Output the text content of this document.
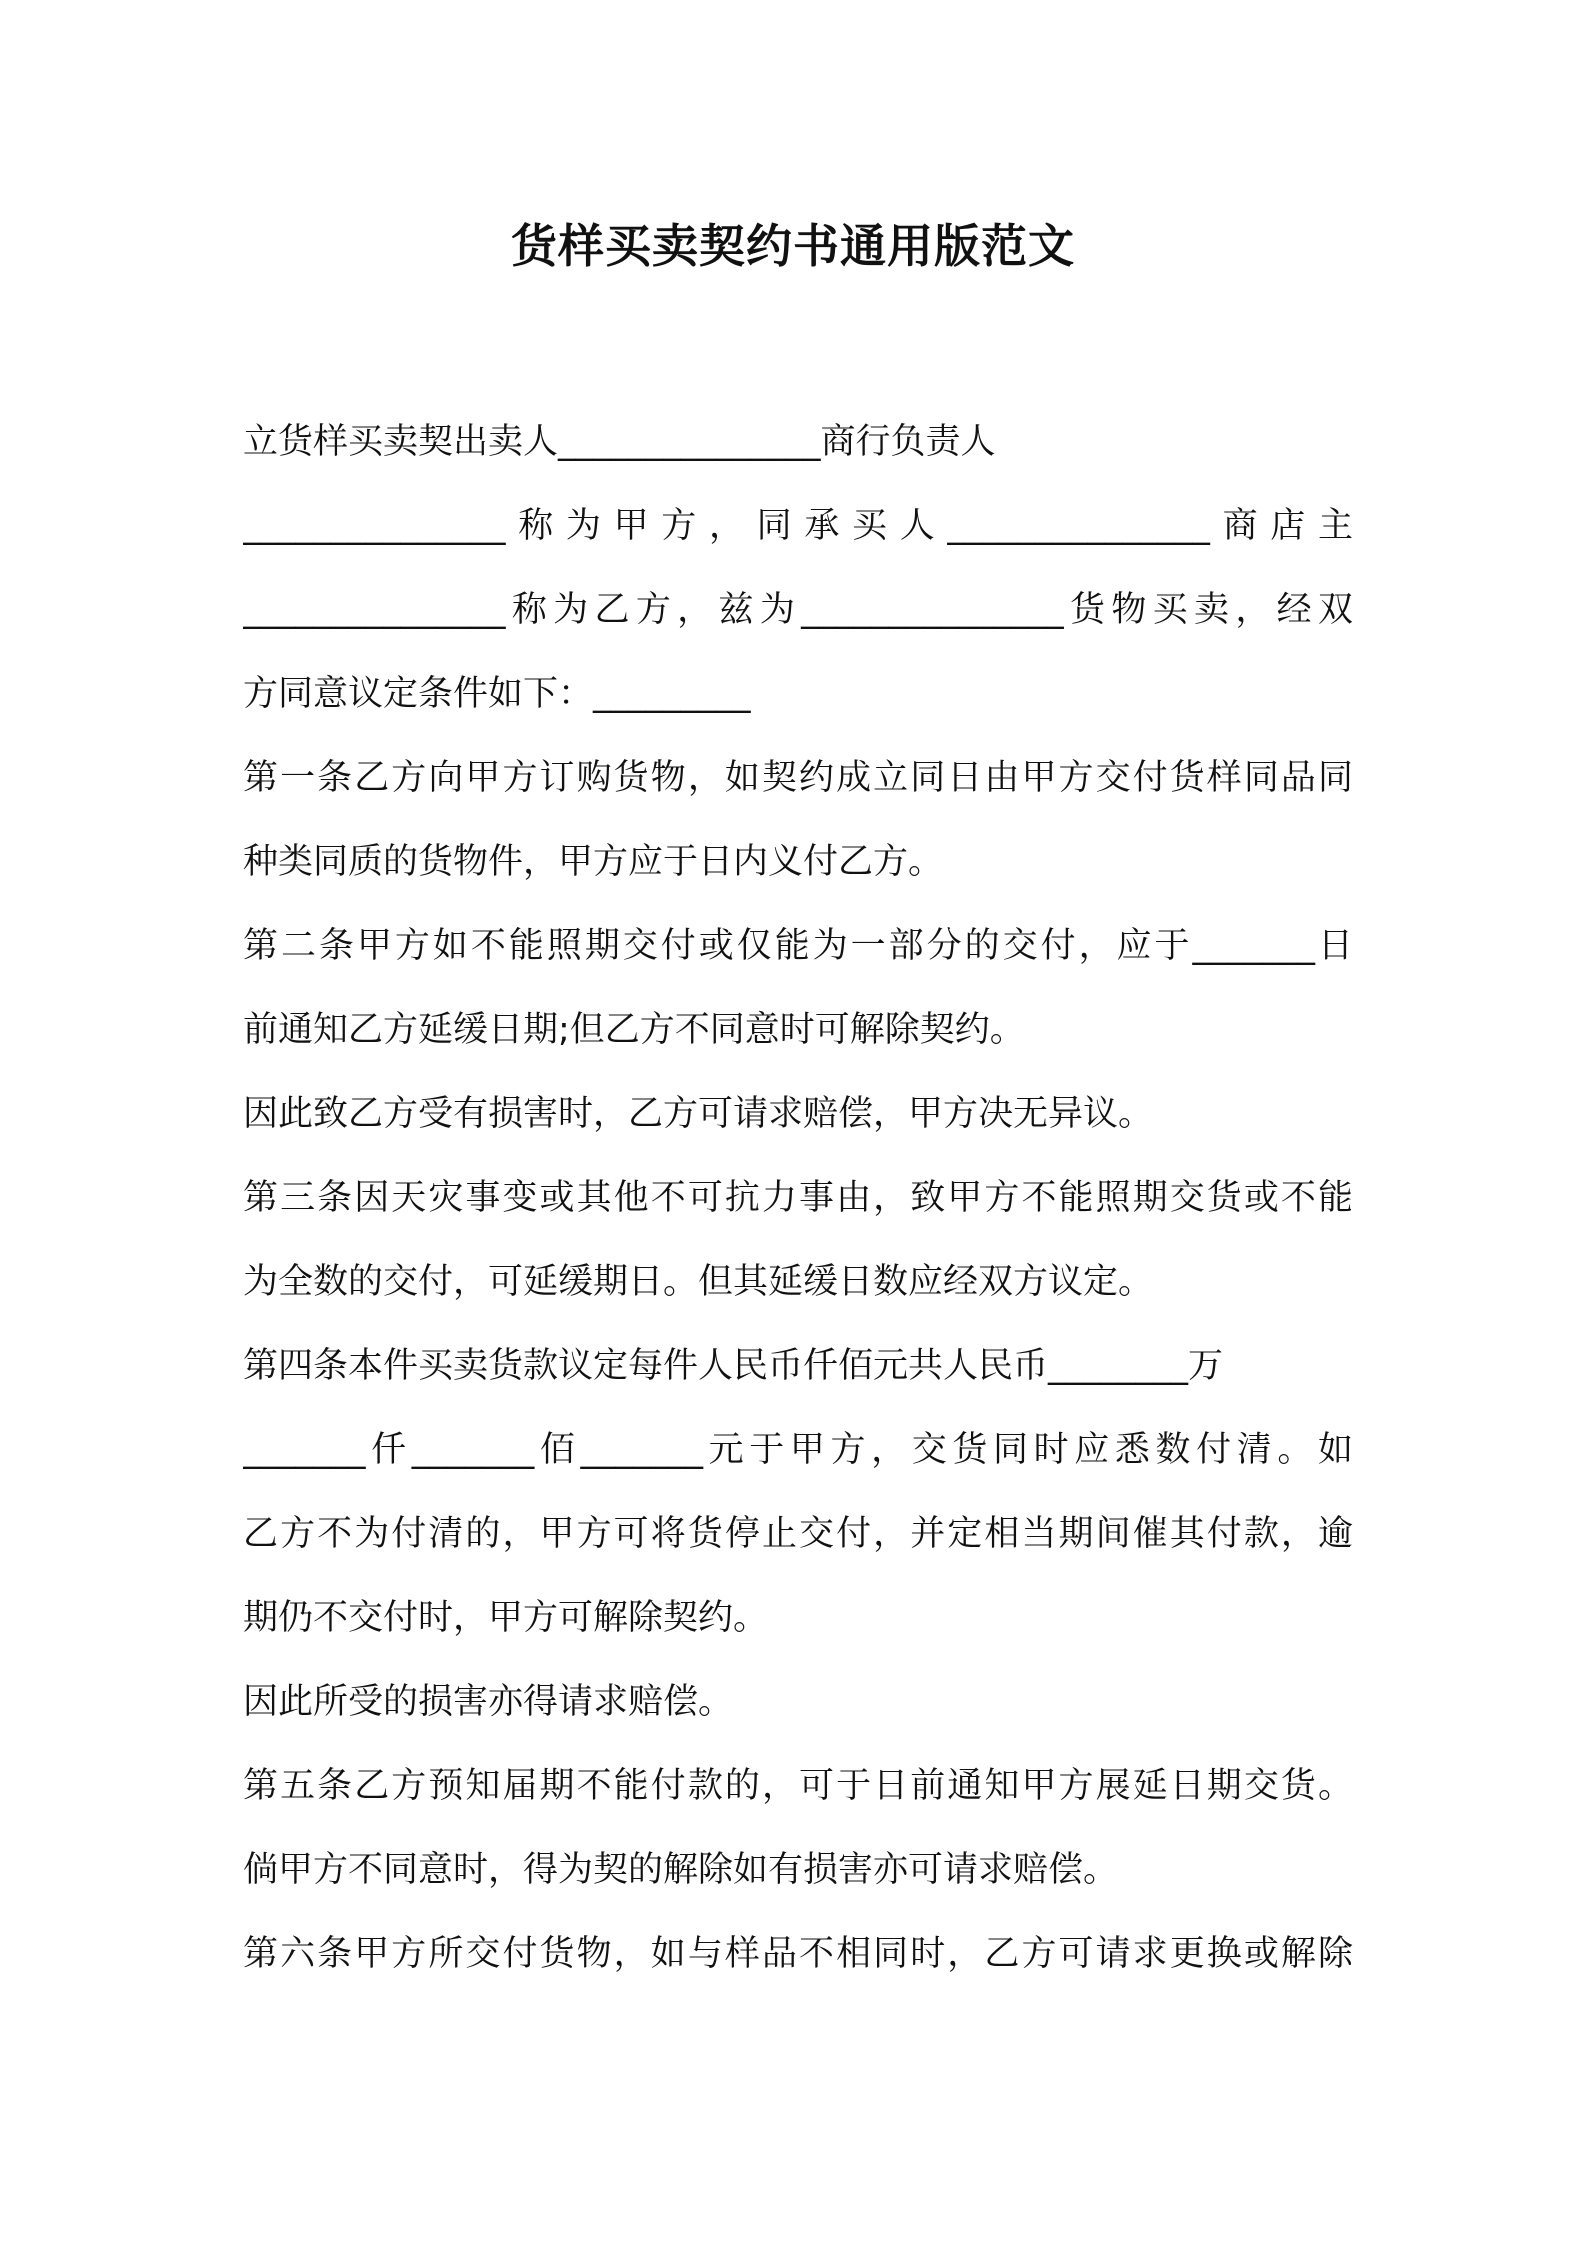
货样买卖契约书通用版范文

立货样买卖契出卖人_______________商行负责人

_______________称为甲方，同承买人_______________商店主

_______________称为乙方，兹为_______________货物买卖，经双

方同意议定条件如下：_________

第一条乙方向甲方订购货物，如契约成立同日由甲方交付货样同品同

种类同质的货物件，甲方应于日内义付乙方。

第二条甲方如不能照期交付或仅能为一部分的交付，应于_______日

前通知乙方延缓日期;但乙方不同意时可解除契约。

因此致乙方受有损害时，乙方可请求赔偿，甲方决无异议。

第三条因天灾事变或其他不可抗力事由，致甲方不能照期交货或不能

为全数的交付，可延缓期日。但其延缓日数应经双方议定。

第四条本件买卖货款议定每件人民币仟佰元共人民币________万

_______仟_______佰_______元于甲方，交货同时应悉数付清。如

乙方不为付清的，甲方可将货停止交付，并定相当期间催其付款，逾

期仍不交付时，甲方可解除契约。

因此所受的损害亦得请求赔偿。

第五条乙方预知届期不能付款的，可于日前通知甲方展延日期交货。

倘甲方不同意时，得为契的解除如有损害亦可请求赔偿。

第六条甲方所交付货物，如与样品不相同时，乙方可请求更换或解除
